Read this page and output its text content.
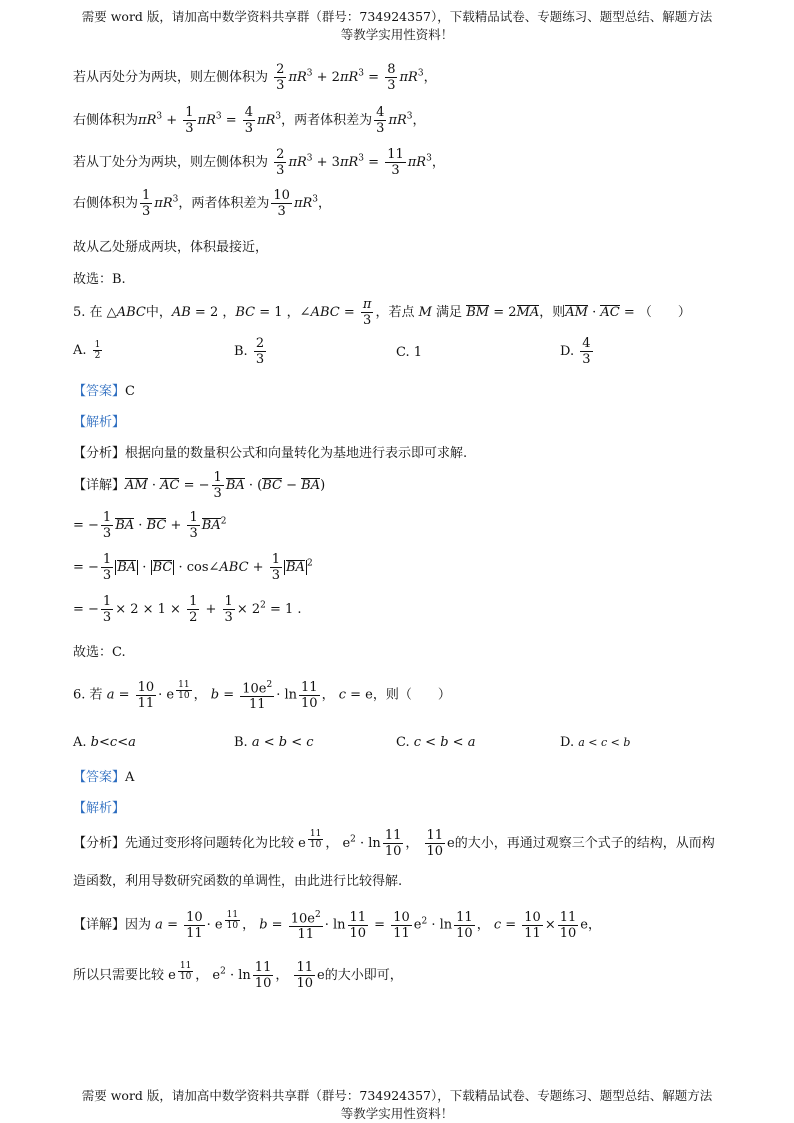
需要 word 版，请加高中数学资料共享群（群号：734924357），下载精品试卷、专题练习、题型总结、解题方法
等教学实用性资料！
若从丙处分为两块，则左侧体积为 $\frac{2}{3} \pi R^3 + 2\pi R^3 = \frac{8}{3} \pi R^3$，
右侧体积为$\pi R^3 + \frac{1}{3} \pi R^3 = \frac{4}{3} \pi R^3$，两者体积差为 $\frac{4}{3} \pi R^3$，
若从丁处分为两块，则左侧体积为 $\frac{2}{3} \pi R^3 + 3\pi R^3 = \frac{11}{3} \pi R^3$，
右侧体积为 $\frac{1}{3} \pi R^3$，两者体积差为 $\frac{10}{3} \pi R^3$，
故从乙处掰成两块，体积最接近，
故选：B.
5. 在 △ABC中，AB = 2 ，BC = 1 ，∠ABC = $\frac{\pi}{3}$ ，若点 M 满足 BM = 2MA，则AM · AC = （　　）
A. $\frac{1}{2}$	B. $\frac{2}{3}$	C. 1	D. $\frac{4}{3}$
【答案】C
【解析】
【分析】根据向量的数量积公式和向量转化为基地进行表示即可求解.
【详解】AM · AC = − $\frac{1}{3}$ BA · (BC − BA)
= − $\frac{1}{3}$ BA · BC + $\frac{1}{3} BA^2$
= − $\frac{1}{3}$ BA · BC · cos∠ABC + $\frac{1}{3}$ BA $^2$
= − $\frac{1}{3} \times 2 \times 1 \times \frac{1}{2} + \frac{1}{3} \times 2^2 = 1$ .
故选：C.
6. 若 $a = \frac{10}{11} \cdot e$ $^{\frac{11}{10}}$ ， $b = \frac{10e^2}{11} \cdot \ln \frac{11}{10}$ ， c = e，则（　　）
A. b<c<a	B. a < b < c	C. c < b < a	D. a < c < b
【答案】A
【解析】
【分析】先通过变形将问题转化为比较 e $^{\frac{11}{10}}$ ， $e^2 \cdot \ln \frac{11}{10}$ ， $\frac{11}{10}$ e的大小，再通过观察三个式子的结构，从而构
造函数，利用导数研究函数的单调性，由此进行比较得解.
【详解】因为 $a = \frac{10}{11} \cdot e$ $^{\frac{11}{10}}$ ， $b = \frac{10e^2}{11} \cdot \ln \frac{11}{10} = \frac{10}{11} e^2 \cdot \ln \frac{11}{10}$ ， $c = \frac{10}{11} \times \frac{11}{10}$ e，
所以只需要比较 e $^{\frac{11}{10}}$ ， $e^2 \cdot \ln \frac{11}{10}$ ， $\frac{11}{10}$ e的大小即可，
需要 word 版，请加高中数学资料共享群（群号：734924357），下载精品试卷、专题练习、题型总结、解题方法
等教学实用性资料！
